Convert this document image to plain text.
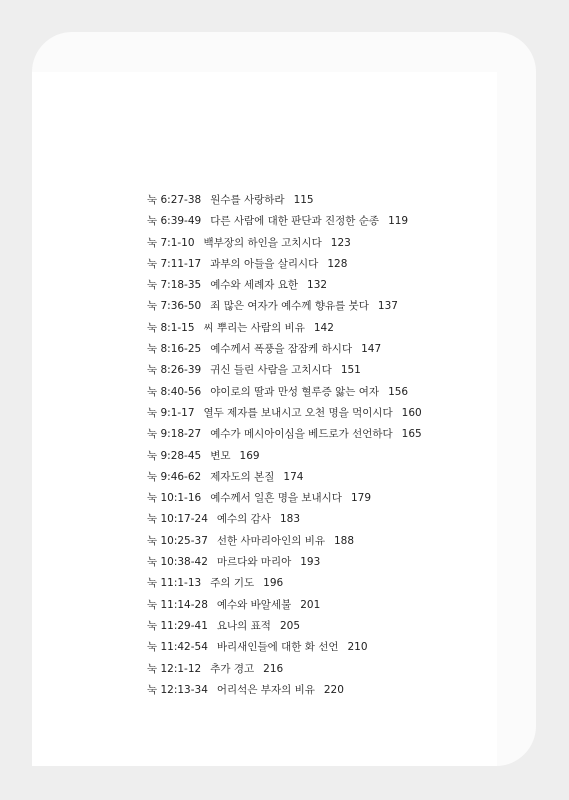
눅 6:27-38 원수를 사랑하라 115
눅 6:39-49 다른 사람에 대한 판단과 진정한 순종 119
눅 7:1-10 백부장의 하인을 고치시다 123
눅 7:11-17 과부의 아들을 살리시다 128
눅 7:18-35 예수와 세례자 요한 132
눅 7:36-50 죄 많은 여자가 예수께 향유를 붓다 137
눅 8:1-15 씨 뿌리는 사람의 비유 142
눅 8:16-25 예수께서 폭풍을 잠잠케 하시다 147
눅 8:26-39 귀신 들린 사람을 고치시다 151
눅 8:40-56 야이로의 딸과 만성 혈루증 앓는 여자 156
눅 9:1-17 열두 제자를 보내시고 오천 명을 먹이시다 160
눅 9:18-27 예수가 메시아이심을 베드로가 선언하다 165
눅 9:28-45 변모 169
눅 9:46-62 제자도의 본질 174
눅 10:1-16 예수께서 일흔 명을 보내시다 179
눅 10:17-24 예수의 감사 183
눅 10:25-37 선한 사마리아인의 비유 188
눅 10:38-42 마르다와 마리아 193
눅 11:1-13 주의 기도 196
눅 11:14-28 예수와 바알세불 201
눅 11:29-41 요나의 표적 205
눅 11:42-54 바리새인들에 대한 화 선언 210
눅 12:1-12 추가 경고 216
눅 12:13-34 어리석은 부자의 비유 220
